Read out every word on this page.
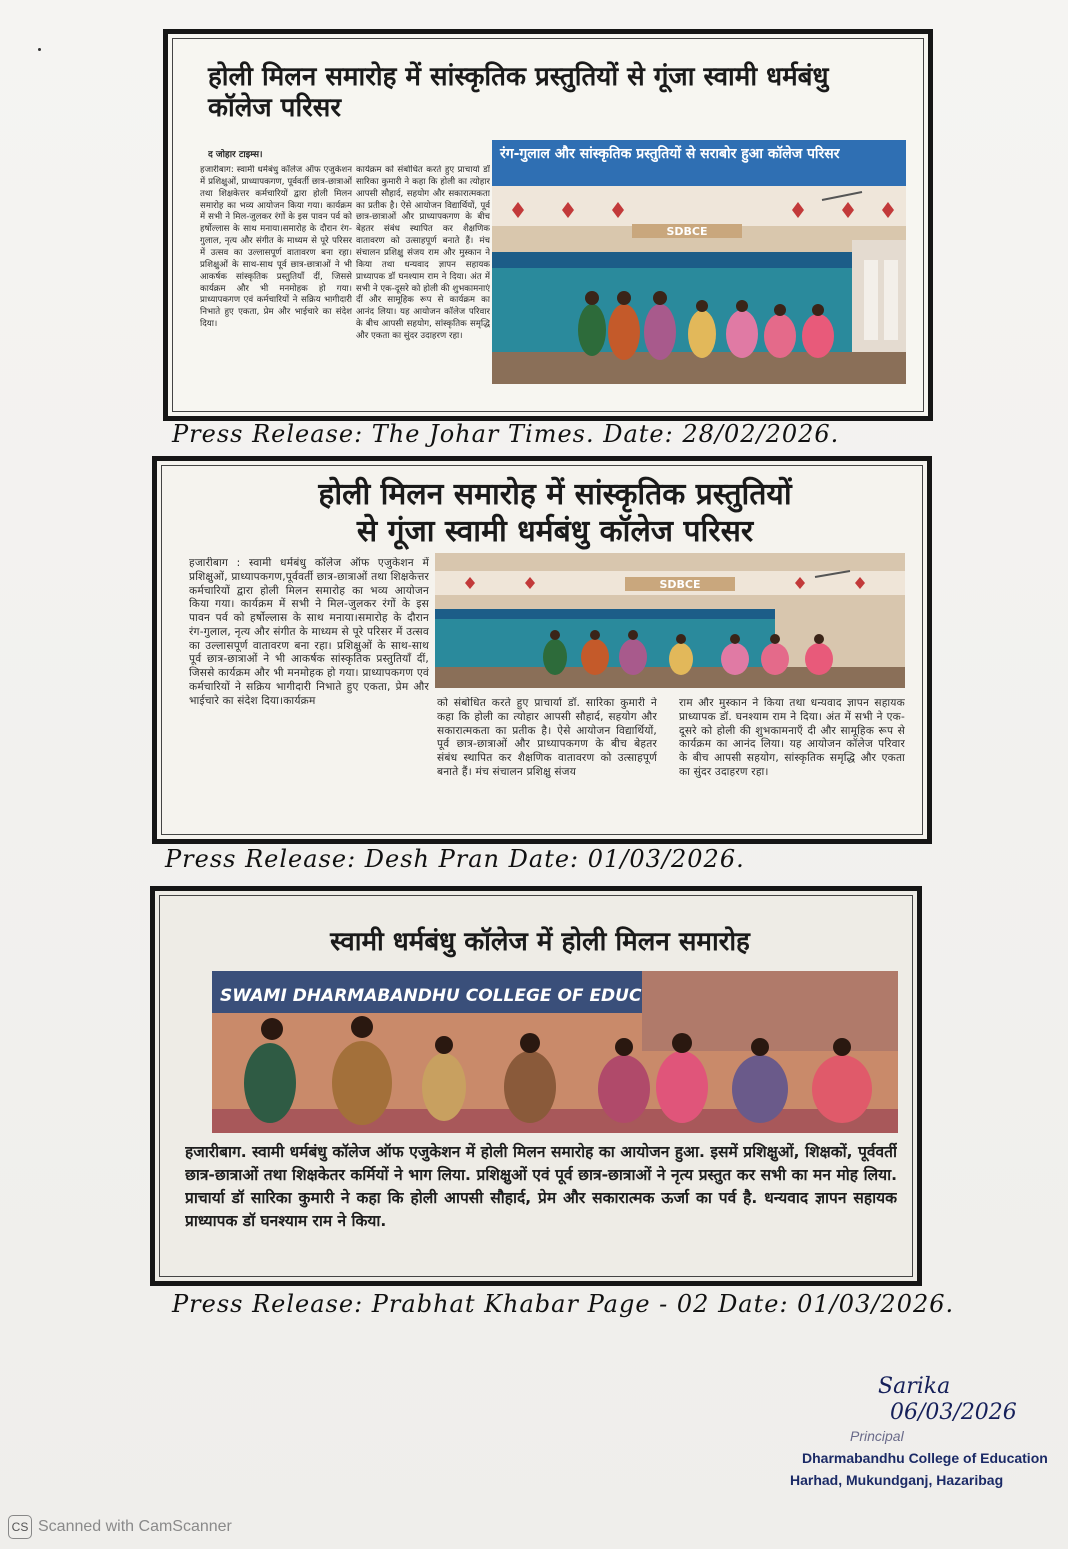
होली मिलन समारोह में सांस्कृतिक प्रस्तुतियों से गूंजा स्वामी धर्मबंधु कॉलेज परिसर
द जोहार टाइम्स।
हजारीबाग: स्वामी धर्मबंधु कॉलेज ऑफ एजुकेशन में प्रशिक्षुओं, प्राध्यापकगण, पूर्ववर्ती छात्र-छात्राओं तथा शिक्षकेत्तर कर्मचारियों द्वारा होली मिलन समारोह का भव्य आयोजन किया गया। कार्यक्रम में सभी ने मिल-जुलकर रंगों के इस पावन पर्व को हर्षोल्लास के साथ मनाया।समारोह के दौरान रंग-गुलाल, नृत्य और संगीत के माध्यम से पूरे परिसर में उत्सव का उल्लासपूर्ण वातावरण बना रहा। प्रशिक्षुओं के साथ-साथ पूर्व छात्र-छात्राओं ने भी आकर्षक सांस्कृतिक प्रस्तुतियाँ दीं, जिससे कार्यक्रम और भी मनमोहक हो गया। प्राध्यापकगण एवं कर्मचारियों ने सक्रिय भागीदारी निभाते हुए एकता, प्रेम और भाईचारे का संदेश दिया।
कार्यक्रम को संबोधित करते हुए प्राचार्या डॉ सारिका कुमारी ने कहा कि होली का त्योहार आपसी सौहार्द, सहयोग और सकारात्मकता का प्रतीक है। ऐसे आयोजन विद्यार्थियों, पूर्व छात्र-छात्राओं और प्राध्यापकगण के बीच बेहतर संबंध स्थापित कर शैक्षणिक वातावरण को उत्साहपूर्ण बनाते हैं। मंच संचालन प्रशिक्षु संजय राम और मुस्कान ने किया तथा धन्यवाद ज्ञापन सहायक प्राध्यापक डॉ घनश्याम राम ने दिया। अंत में सभी ने एक-दूसरे को होली की शुभकामनाएं दीं और सामूहिक रूप से कार्यक्रम का आनंद लिया। यह आयोजन कॉलेज परिवार के बीच आपसी सहयोग, सांस्कृतिक समृद्धि और एकता का सुंदर उदाहरण रहा।
SDBCE
रंग-गुलाल और सांस्कृतिक प्रस्तुतियों से सराबोर हुआ कॉलेज परिसर
Press Release: The Johar Times. Date: 28/02/2026.
होली मिलन समारोह में सांस्कृतिक प्रस्तुतियों
से गूंजा स्वामी धर्मबंधु कॉलेज परिसर
हजारीबाग : स्वामी धर्मबंधु कॉलेज ऑफ एजुकेशन में प्रशिक्षुओं, प्राध्यापकगण,पूर्ववर्ती छात्र-छात्राओं तथा शिक्षकेत्तर कर्मचारियों द्वारा होली मिलन समारोह का भव्य आयोजन किया गया। कार्यक्रम में सभी ने मिल-जुलकर रंगों के इस पावन पर्व को हर्षोल्लास के साथ मनाया।समारोह के दौरान रंग-गुलाल, नृत्य और संगीत के माध्यम से पूरे परिसर में उत्सव का उल्लासपूर्ण वातावरण बना रहा। प्रशिक्षुओं के साथ-साथ पूर्व छात्र-छात्राओं ने भी आकर्षक सांस्कृतिक प्रस्तुतियाँ दीं, जिससे कार्यक्रम और भी मनमोहक हो गया। प्राध्यापकगण एवं कर्मचारियों ने सक्रिय भागीदारी निभाते हुए एकता, प्रेम और भाईचारे का संदेश दिया।कार्यक्रम
SDBCE
को संबोधित करते हुए प्राचार्या डॉ. सारिका कुमारी ने कहा कि होली का त्योहार आपसी सौहार्द, सहयोग और सकारात्मकता का प्रतीक है। ऐसे आयोजन विद्यार्थियों, पूर्व छात्र-छात्राओं और प्राध्यापकगण के बीच बेहतर संबंध स्थापित कर शैक्षणिक वातावरण को उत्साहपूर्ण बनाते हैं। मंच संचालन प्रशिक्षु संजय
राम और मुस्कान ने किया तथा धन्यवाद ज्ञापन सहायक प्राध्यापक डॉ. घनश्याम राम ने दिया। अंत में सभी ने एक-दूसरे को होली की शुभकामनाएँ दी और सामूहिक रूप से कार्यक्रम का आनंद लिया। यह आयोजन कॉलेज परिवार के बीच आपसी सहयोग, सांस्कृतिक समृद्धि और एकता का सुंदर उदाहरण रहा।
Press Release: Desh Pran Date: 01/03/2026.
स्वामी धर्मबंधु कॉलेज में होली मिलन समारोह
SWAMI DHARMABANDHU COLLEGE OF EDUC
हजारीबाग. स्वामी धर्मबंधु कॉलेज ऑफ एजुकेशन में होली मिलन समारोह का आयोजन हुआ. इसमें प्रशिक्षुओं, शिक्षकों, पूर्ववर्ती छात्र-छात्राओं तथा शिक्षकेतर कर्मियों ने भाग लिया. प्रशिक्षुओं एवं पूर्व छात्र-छात्राओं ने नृत्य प्रस्तुत कर सभी का मन मोह लिया. प्राचार्या डॉ सारिका कुमारी ने कहा कि होली आपसी सौहार्द, प्रेम और सकारात्मक ऊर्जा का पर्व है. धन्यवाद ज्ञापन सहायक प्राध्यापक डॉ घनश्याम राम ने किया.
Press Release: Prabhat Khabar Page - 02 Date: 01/03/2026.
Sarika
06/03/2026
Principal
Dharmabandhu College of Education
Harhad, Mukundganj, Hazaribag
CS Scanned with CamScanner
